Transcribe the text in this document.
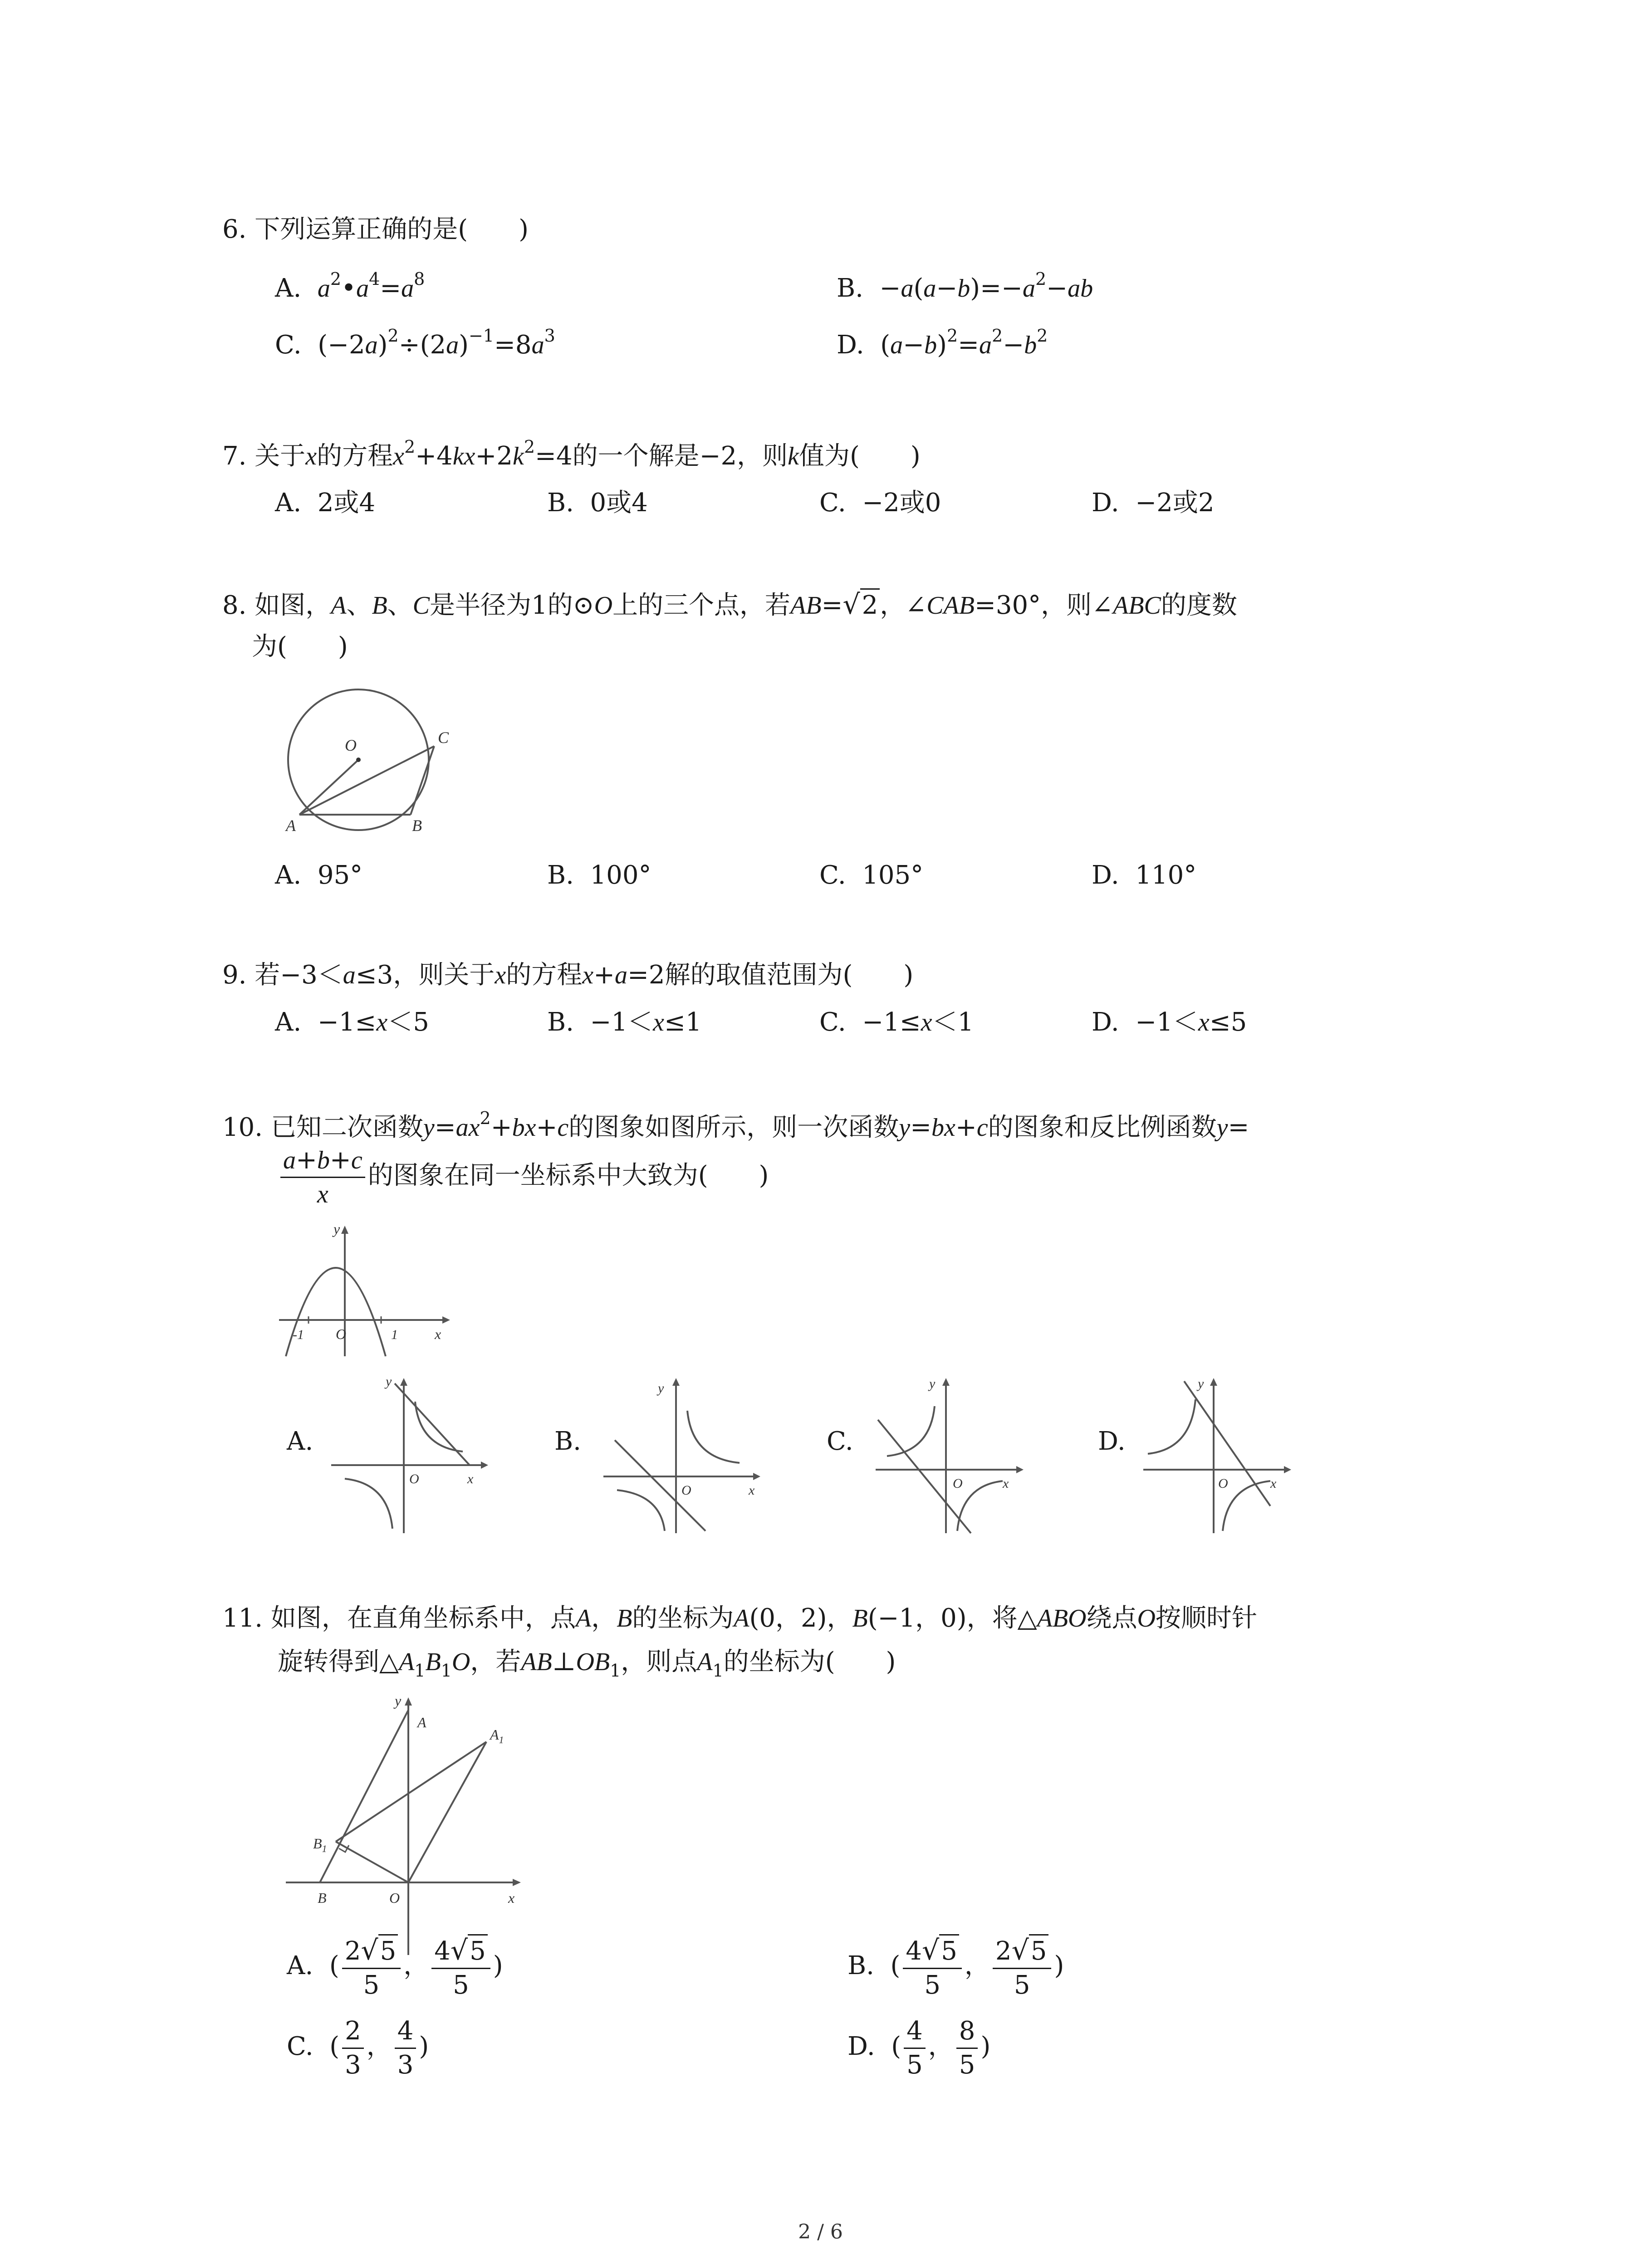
6. 下列运算正确的是(　　)
A.  $a^2•a^4=a^8$	B.  $-a(a-b)=-a^2-ab$
C.  $(-2a)^2\div(2a)^{-1}=8a^3$	D.  $(a-b)^2=a^2-b^2$
7. 关于x的方程$x^2+4kx+2k^2=4$的一个解是−2，则k值为(　　)
A.  2或4	B.  0或4	C.  −2或0	D.  −2或2
8. 如图，A、B、C是半径为1的⊙O上的三个点，若AB=√2，∠CAB=30°，则∠ABC的度数
为(　　)
O	C
A	B
A.  95°	B.  100°	C.  105°	D.  110°
9. 若−3＜a≤3，则关于x的方程x+a=2解的取值范围为(　　)
A.  −1≤x＜5	B.  −1＜x≤1	C.  −1≤x＜1	D.  −1＜x≤5
10. 已知二次函数$y=ax^2+bx+c$的图象如图所示，则一次函数y=bx+c的图象和反比例函数y=
$\frac{a+b+c}{x}$ 的图象在同一坐标系中大致为(　　)
y
x
-1 O	1
A.
y
O	x
B.
y
O	x
C.
y
O	x
D.
y
O	x
11. 如图，在直角坐标系中，点A，B的坐标为A(0，2)，B(−1，0)，将△ABO绕点O按顺时针
旋转得到$\triangle A_1B_1O$，若$AB\perp OB_1$，则点$A_1$的坐标为(　　)
y
A
$A_1$
$B_1$
B	O	x
A.  ( $\frac{2√5}{5}$ ， $\frac{4√5}{5}$ )	B.  ( $\frac{4√5}{5}$ ， $\frac{2√5}{5}$ )
C.  ( $\frac{2}{3}$ ， $\frac{4}{3}$ )	D.  ( $\frac{4}{5}$ ， $\frac{8}{5}$ )
2 / 6
